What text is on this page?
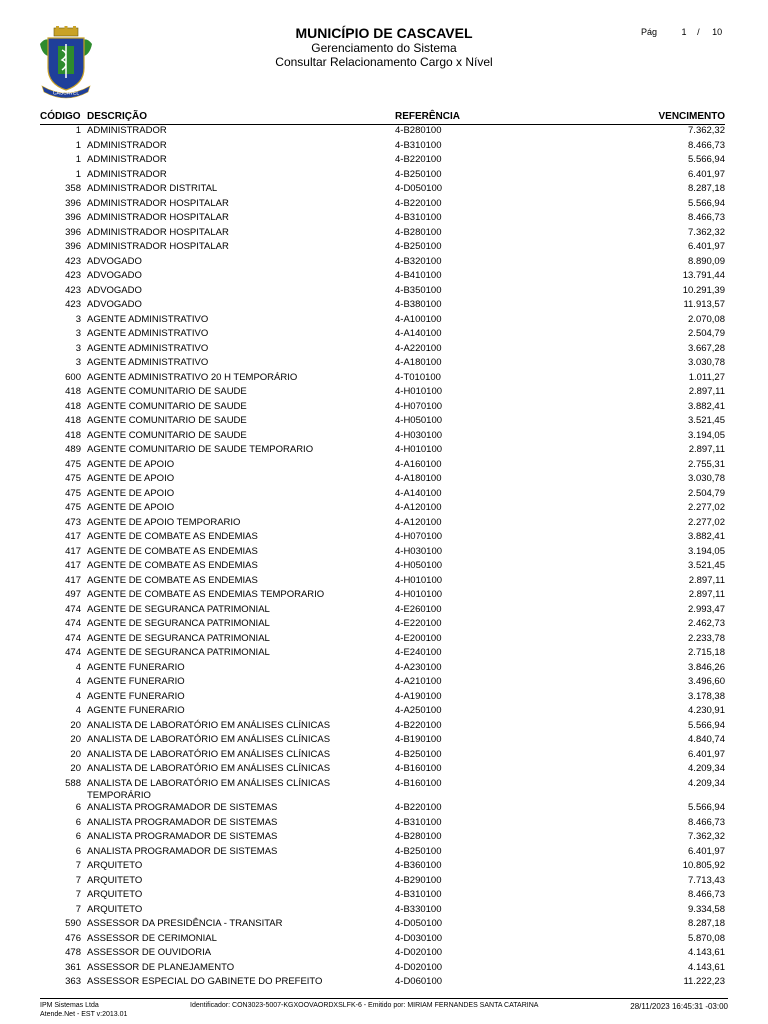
CASCAVEL
MUNICÍPIO DE CASCAVEL
Gerenciamento do Sistema
Consultar Relacionamento Cargo x Nível
Pág	1 / 10
CÓDIGO DESCRIÇÃO	REFERÊNCIA	VENCIMENTO
1 ADMINISTRADOR	4-B280100	7.362,32
1 ADMINISTRADOR	4-B310100	8.466,73
1 ADMINISTRADOR	4-B220100	5.566,94
1 ADMINISTRADOR	4-B250100	6.401,97
358 ADMINISTRADOR DISTRITAL	4-D050100	8.287,18
396 ADMINISTRADOR HOSPITALAR	4-B220100	5.566,94
396 ADMINISTRADOR HOSPITALAR	4-B310100	8.466,73
396 ADMINISTRADOR HOSPITALAR	4-B280100	7.362,32
396 ADMINISTRADOR HOSPITALAR	4-B250100	6.401,97
423 ADVOGADO	4-B320100	8.890,09
423 ADVOGADO	4-B410100	13.791,44
423 ADVOGADO	4-B350100	10.291,39
423 ADVOGADO	4-B380100	11.913,57
3 AGENTE ADMINISTRATIVO	4-A100100	2.070,08
3 AGENTE ADMINISTRATIVO	4-A140100	2.504,79
3 AGENTE ADMINISTRATIVO	4-A220100	3.667,28
3 AGENTE ADMINISTRATIVO	4-A180100	3.030,78
600 AGENTE ADMINISTRATIVO 20 H TEMPORÁRIO	4-T010100	1.011,27
418 AGENTE COMUNITARIO DE SAUDE	4-H010100	2.897,11
418 AGENTE COMUNITARIO DE SAUDE	4-H070100	3.882,41
418 AGENTE COMUNITARIO DE SAUDE	4-H050100	3.521,45
418 AGENTE COMUNITARIO DE SAUDE	4-H030100	3.194,05
489 AGENTE COMUNITARIO DE SAUDE TEMPORARIO	4-H010100	2.897,11
475 AGENTE DE APOIO	4-A160100	2.755,31
475 AGENTE DE APOIO	4-A180100	3.030,78
475 AGENTE DE APOIO	4-A140100	2.504,79
475 AGENTE DE APOIO	4-A120100	2.277,02
473 AGENTE DE APOIO TEMPORARIO	4-A120100	2.277,02
417 AGENTE DE COMBATE AS ENDEMIAS	4-H070100	3.882,41
417 AGENTE DE COMBATE AS ENDEMIAS	4-H030100	3.194,05
417 AGENTE DE COMBATE AS ENDEMIAS	4-H050100	3.521,45
417 AGENTE DE COMBATE AS ENDEMIAS	4-H010100	2.897,11
497 AGENTE DE COMBATE AS ENDEMIAS TEMPORARIO	4-H010100	2.897,11
474 AGENTE DE SEGURANCA PATRIMONIAL	4-E260100	2.993,47
474 AGENTE DE SEGURANCA PATRIMONIAL	4-E220100	2.462,73
474 AGENTE DE SEGURANCA PATRIMONIAL	4-E200100	2.233,78
474 AGENTE DE SEGURANCA PATRIMONIAL	4-E240100	2.715,18
4 AGENTE FUNERARIO	4-A230100	3.846,26
4 AGENTE FUNERARIO	4-A210100	3.496,60
4 AGENTE FUNERARIO	4-A190100	3.178,38
4 AGENTE FUNERARIO	4-A250100	4.230,91
20 ANALISTA DE LABORATÓRIO EM ANÁLISES CLÍNICAS	4-B220100	5.566,94
20 ANALISTA DE LABORATÓRIO EM ANÁLISES CLÍNICAS	4-B190100	4.840,74
20 ANALISTA DE LABORATÓRIO EM ANÁLISES CLÍNICAS	4-B250100	6.401,97
20 ANALISTA DE LABORATÓRIO EM ANÁLISES CLÍNICAS	4-B160100	4.209,34
588 ANALISTA DE LABORATÓRIO EM ANÁLISES CLÍNICAS TEMPORÁRIO
4-B160100	4.209,34
6 ANALISTA PROGRAMADOR DE SISTEMAS	4-B220100	5.566,94
6 ANALISTA PROGRAMADOR DE SISTEMAS	4-B310100	8.466,73
6 ANALISTA PROGRAMADOR DE SISTEMAS	4-B280100	7.362,32
6 ANALISTA PROGRAMADOR DE SISTEMAS	4-B250100	6.401,97
7 ARQUITETO	4-B360100	10.805,92
7 ARQUITETO	4-B290100	7.713,43
7 ARQUITETO	4-B310100	8.466,73
7 ARQUITETO	4-B330100	9.334,58
590 ASSESSOR DA PRESIDÊNCIA - TRANSITAR	4-D050100	8.287,18
476 ASSESSOR DE CERIMONIAL	4-D030100	5.870,08
478 ASSESSOR DE OUVIDORIA	4-D020100	4.143,61
361 ASSESSOR DE PLANEJAMENTO	4-D020100	4.143,61
363 ASSESSOR ESPECIAL DO GABINETE DO PREFEITO	4-D060100	11.222,23
IPM Sistemas Ltda
Atende.Net - EST v:2013.01
Identificador: CON3023-5007-KGXOOVAORDXSLFK-6 - Emitido por: MIRIAM FERNANDES SANTA CATARINA	28/11/2023 16:45:31 -03:00
